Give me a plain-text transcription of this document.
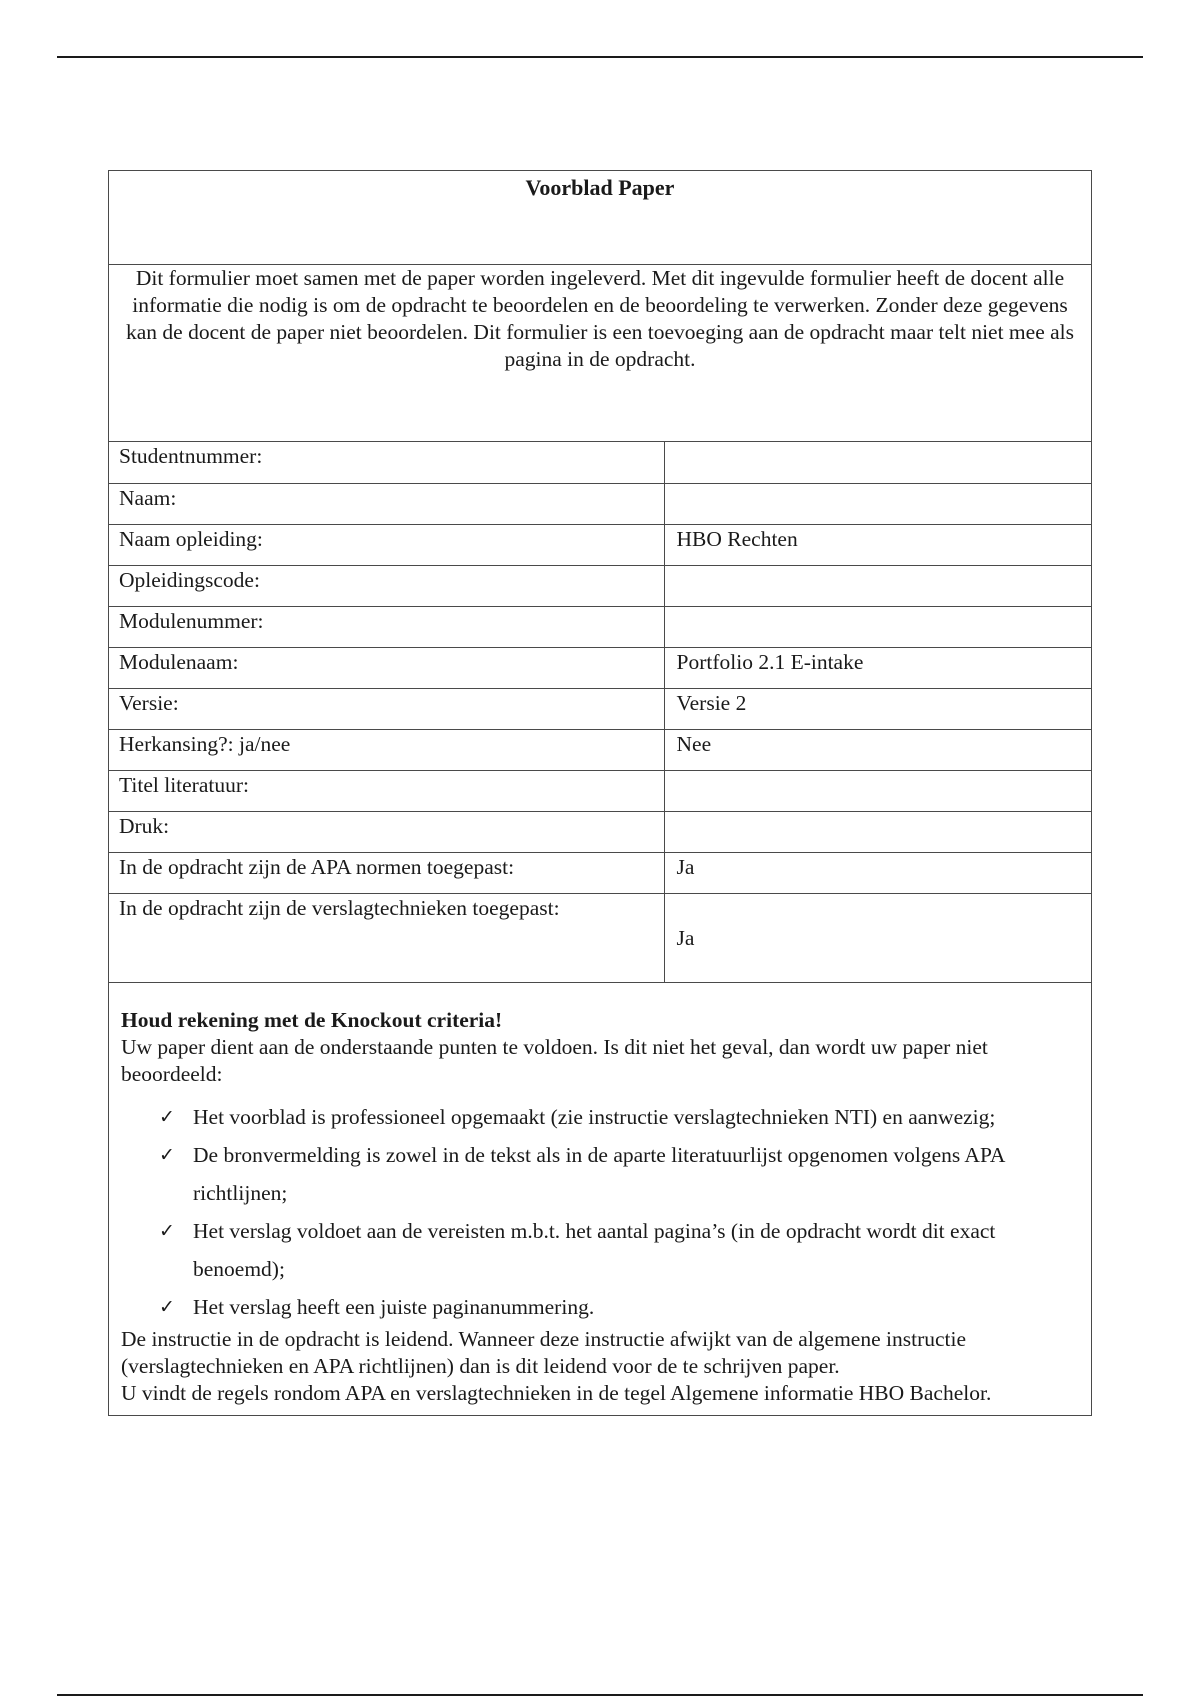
Voorblad Paper

Dit formulier moet samen met de paper worden ingeleverd. Met dit ingevulde formulier heeft de docent alle informatie die nodig is om de opdracht te beoordelen en de beoordeling te verwerken. Zonder deze gegevens kan de docent de paper niet beoordelen. Dit formulier is een toevoeging aan de opdracht maar telt niet mee als pagina in de opdracht.

Studentnummer:	

Naam:	

Naam opleiding:	HBO Rechten

Opleidingscode:	

Modulenummer:	

Modulenaam:	Portfolio 2.1 E-intake

Versie:	Versie 2

Herkansing?: ja/nee	Nee

Titel literatuur:	

Druk:	

In de opdracht zijn de APA normen toegepast:	Ja

In de opdracht zijn de verslagtechnieken toegepast:	Ja

Houd rekening met de Knockout criteria!

Uw paper dient aan de onderstaande punten te voldoen. Is dit niet het geval, dan wordt uw paper niet beoordeeld:

✓ Het voorblad is professioneel opgemaakt (zie instructie verslagtechnieken NTI) en aanwezig;
✓ De bronvermelding is zowel in de tekst als in de aparte literatuurlijst opgenomen volgens APA richtlijnen;
✓ Het verslag voldoet aan de vereisten m.b.t. het aantal pagina’s (in de opdracht wordt dit exact benoemd);
✓ Het verslag heeft een juiste paginanummering.

De instructie in de opdracht is leidend. Wanneer deze instructie afwijkt van de algemene instructie (verslagtechnieken en APA richtlijnen) dan is dit leidend voor de te schrijven paper.

U vindt de regels rondom APA en verslagtechnieken in de tegel Algemene informatie HBO Bachelor.
